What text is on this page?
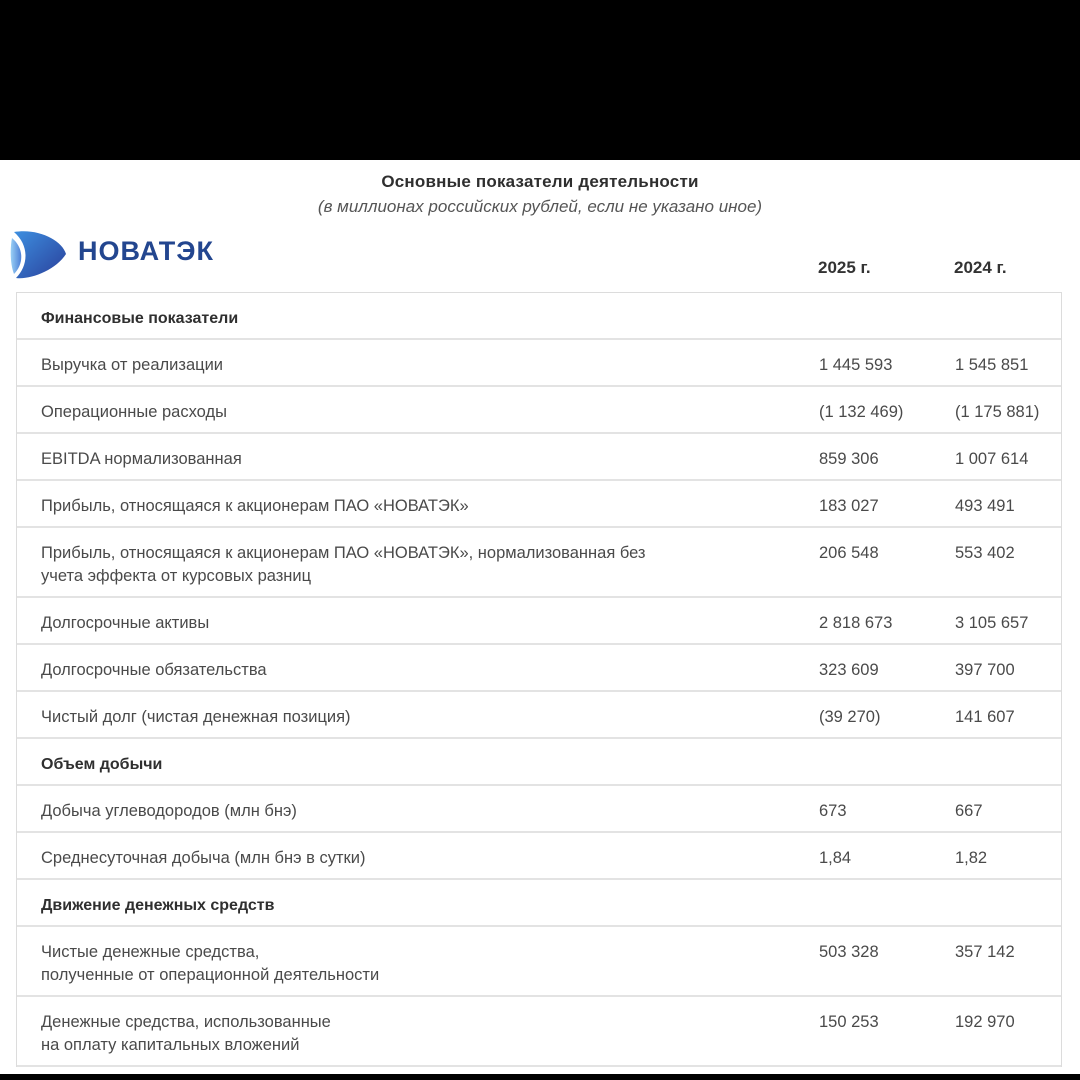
Основные показатели деятельности
(в миллионах российских рублей, если не указано иное)
НОВАТЭК
2025 г.	2024 г.
Финансовые показатели
Выручка от реализации	1 445 593	1 545 851
Операционные расходы	(1 132 469)	(1 175 881)
EBITDA нормализованная	859 306	1 007 614
Прибыль, относящаяся к акционерам ПАО «НОВАТЭК»	183 027	493 491
Прибыль, относящаяся к акционерам ПАО «НОВАТЭК», нормализованная без
учета эффекта от курсовых разниц
206 548	553 402
Долгосрочные активы	2 818 673	3 105 657
Долгосрочные обязательства	323 609	397 700
Чистый долг (чистая денежная позиция)	(39 270)	141 607
Объем добычи
Добыча углеводородов (млн бнэ)	673	667
Среднесуточная добыча (млн бнэ в сутки)	1,84	1,82
Движение денежных средств
Чистые денежные средства,
полученные от операционной деятельности
503 328	357 142
Денежные средства, использованные
на оплату капитальных вложений
150 253	192 970
